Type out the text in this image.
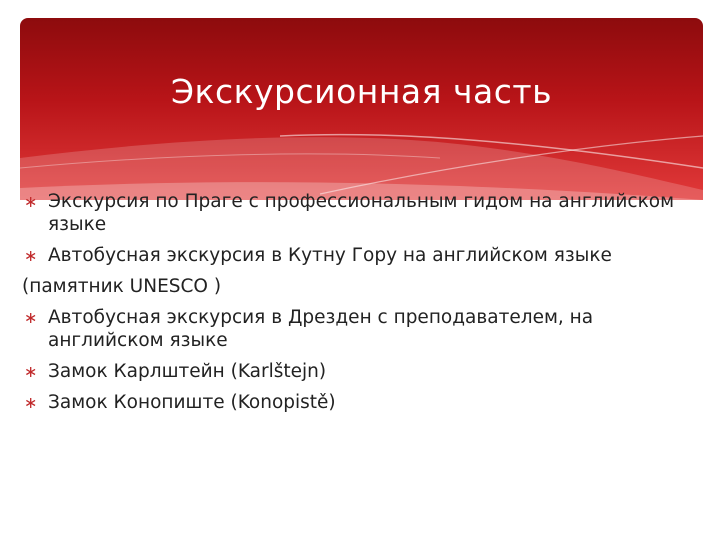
Экскурсионная часть
∗ Экскурсия по Праге с профессиональным гидом на английском языке
∗ Автобусная экскурсия в Кутну Гору на английском языке
(памятник UNESCO )
∗ Автобусная экскурсия в Дрезден с преподавателем, на английском языке
∗ Замок Карлштейн (Karlštejn)
∗ Замок Конопиште (Konopistě)
